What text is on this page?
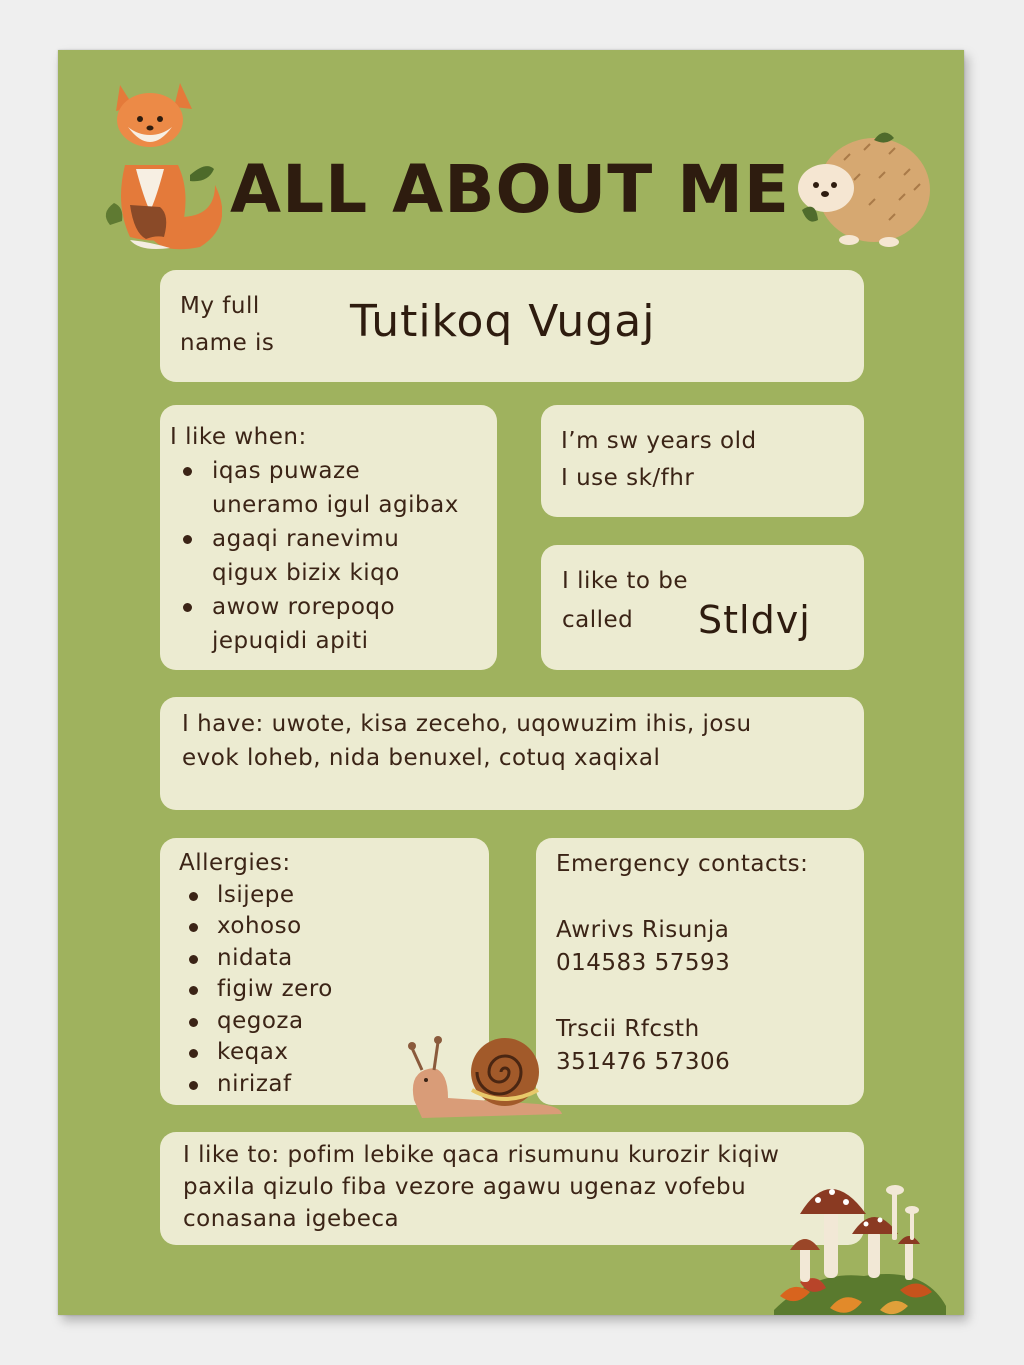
ALL ABOUT ME
My full
name is Tutikoq Vugaj
I like when:
iqas puwaze
uneramo igul agibax
agaqi ranevimu
qigux bizix kiqo
awow rorepoqo
jepuqidi apiti
I’m sw years old
I use sk/fhr
I like to be
called Stldvj
I have: uwote, kisa zeceho, uqowuzim ihis, josu
evok loheb, nida benuxel, cotuq xaqixal
Allergies:
lsijepe
xohoso
nidata
figiw zero
qegoza
keqax
nirizaf
Emergency contacts:
Awrivs Risunja
014583 57593
Trscii Rfcsth
351476 57306
I like to: pofim lebike qaca risumunu kurozir kiqiw
paxila qizulo fiba vezore agawu ugenaz vofebu
conasana igebeca
